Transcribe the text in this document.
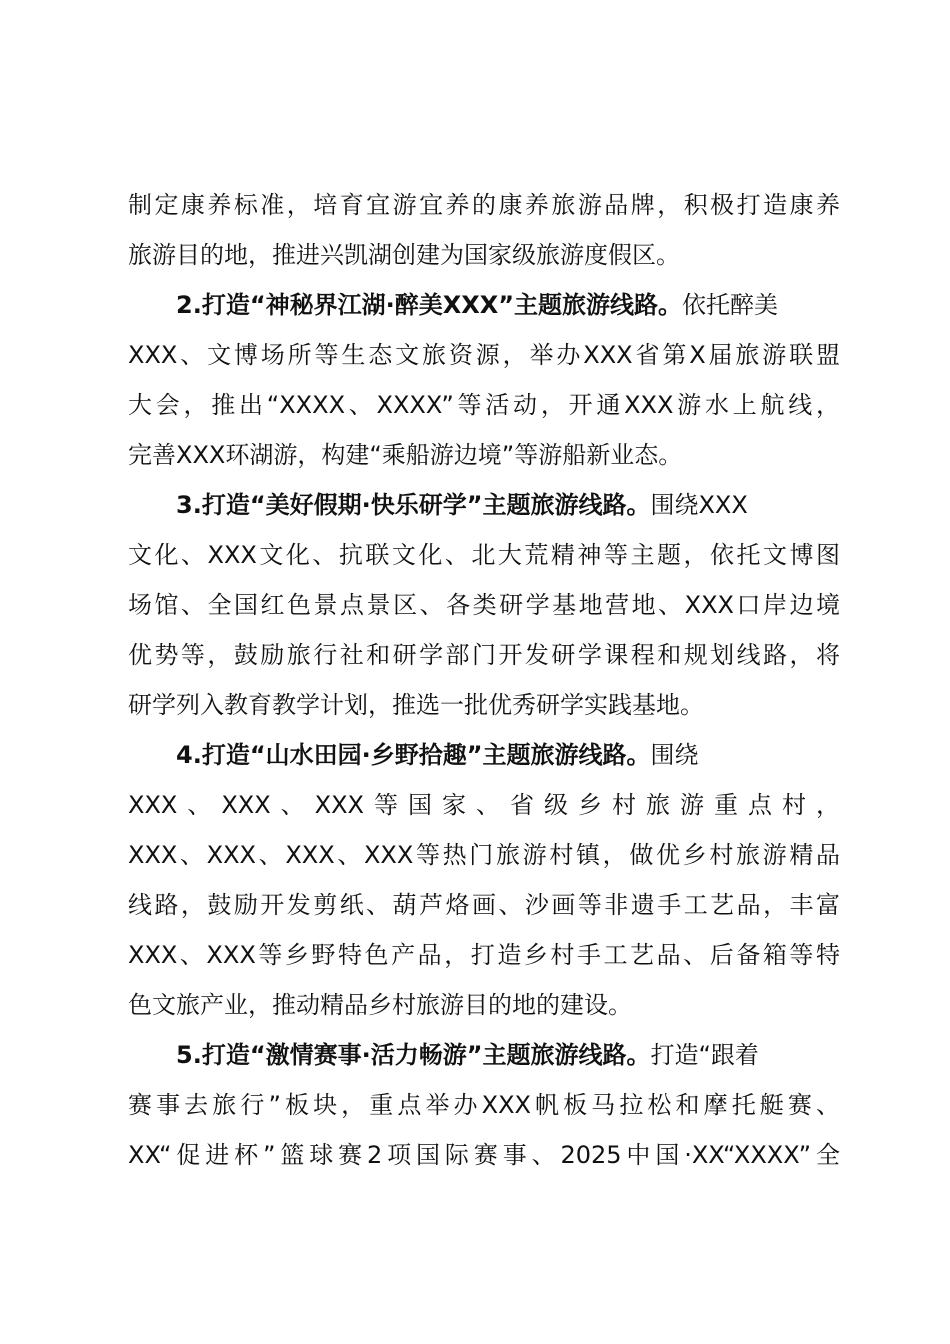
制定康养标准，培育宜游宜养的康养旅游品牌，积极打造康养
旅游目的地，推进兴凯湖创建为国家级旅游度假区。
2.打造“神秘界江湖·醉美XXX”主题旅游线路。依托醉美
XXX、文博场所等生态文旅资源，举办XXX省第X届旅游联盟
大会，推出“XXXX、XXXX”等活动，开通XXX游水上航线，
完善XXX环湖游，构建“乘船游边境”等游船新业态。
3.打造“美好假期·快乐研学”主题旅游线路。围绕XXX
文化、XXX文化、抗联文化、北大荒精神等主题，依托文博图
场馆、全国红色景点景区、各类研学基地营地、XXX口岸边境
优势等，鼓励旅行社和研学部门开发研学课程和规划线路，将
研学列入教育教学计划，推选一批优秀研学实践基地。
4.打造“山水田园·乡野拾趣”主题旅游线路。围绕
XXX、XXX、XXX等国家、省级乡村旅游重点村，
XXX、XXX、XXX、XXX等热门旅游村镇，做优乡村旅游精品
线路，鼓励开发剪纸、葫芦烙画、沙画等非遗手工艺品，丰富
XXX、XXX等乡野特色产品，打造乡村手工艺品、后备箱等特
色文旅产业，推动精品乡村旅游目的地的建设。
5.打造“激情赛事·活力畅游”主题旅游线路。打造“跟着
赛事去旅行”板块，重点举办XXX帆板马拉松和摩托艇赛、
XX“促进杯”篮球赛2项国际赛事、2025中国·XX“XXXX”全
